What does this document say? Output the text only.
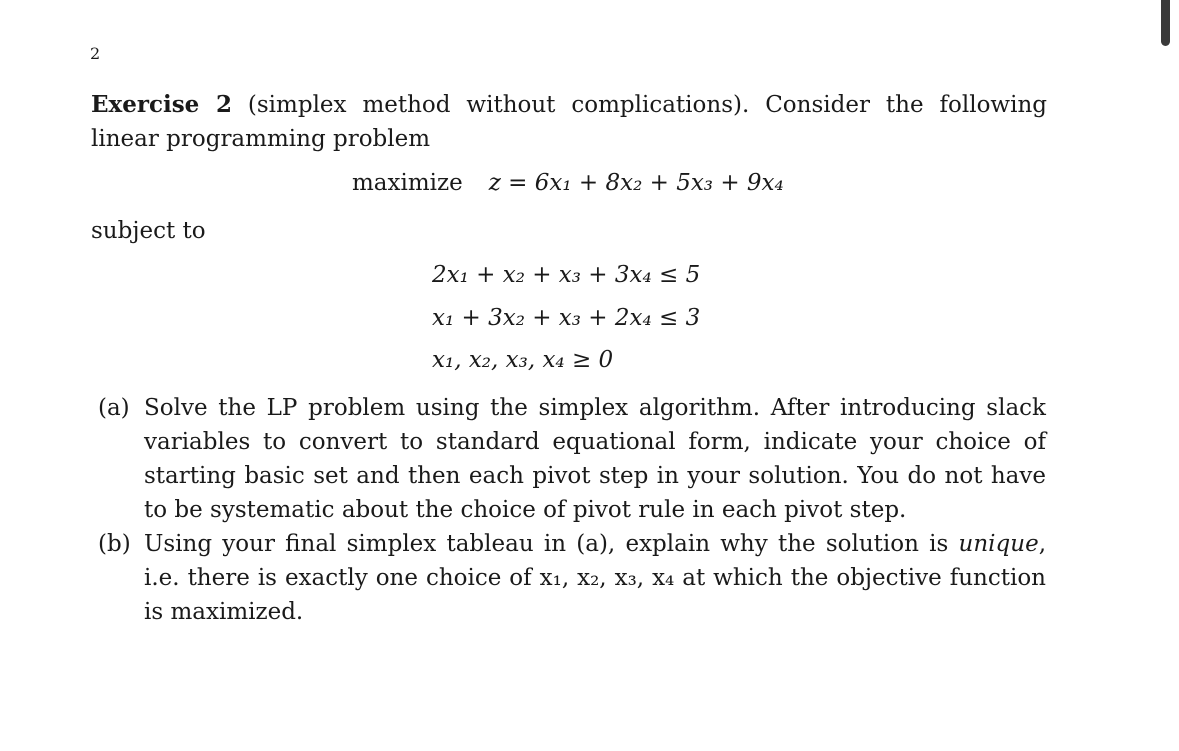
2
Exercise 2 (simplex method without complications). Consider the following linear programming problem
maximize z = 6x₁ + 8x₂ + 5x₃ + 9x₄
subject to
2x₁ + x₂ + x₃ + 3x₄ ≤ 5
x₁ + 3x₂ + x₃ + 2x₄ ≤ 3
x₁, x₂, x₃, x₄ ≥ 0
(a) Solve the LP problem using the simplex algorithm. After introducing slack variables to convert to standard equational form, indicate your choice of starting basic set and then each pivot step in your solution. You do not have to be systematic about the choice of pivot rule in each pivot step.
(b) Using your final simplex tableau in (a), explain why the solution is unique, i.e. there is exactly one choice of x₁, x₂, x₃, x₄ at which the objective function is maximized.
